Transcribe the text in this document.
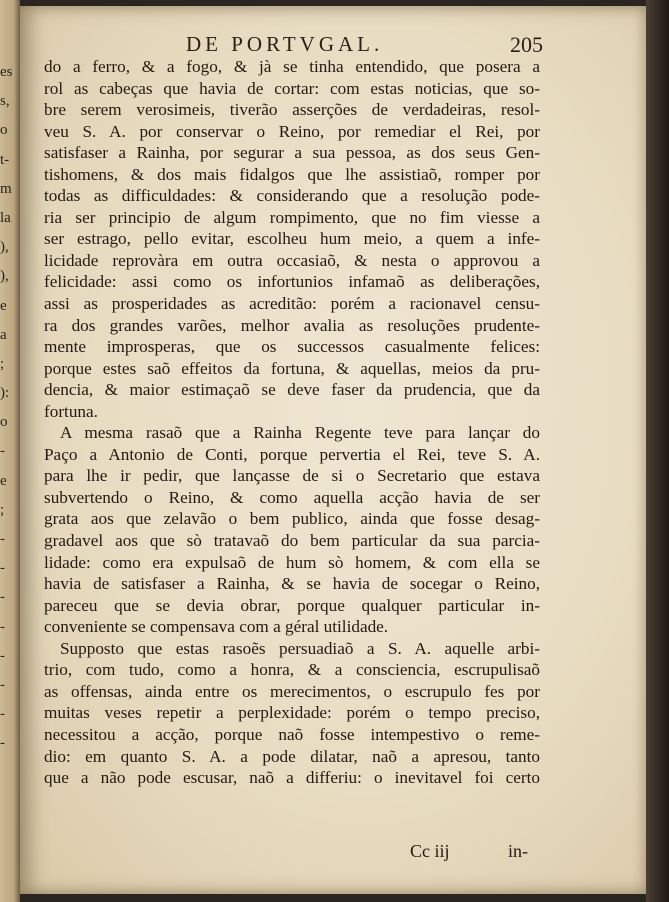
es
s,
o
t-
m
la
),
),
e
a
;
):
o
-
e
;
-
-
-
-
-
-
-
-
DE PORTVGAL.	205
do a ferro, & a fogo, & jà se tinha entendido, que posera a
rol as cabeças que havia de cortar: com estas noticias, que so-
bre serem verosimeis, tiverão asserções de verdadeiras, resol-
veu S. A. por conservar o Reino, por remediar el Rei, por
satisfaser a Rainha, por segurar a sua pessoa, as dos seus Gen-
tishomens, & dos mais fidalgos que lhe assistiaõ, romper por
todas as difficuldades: & considerando que a resolução pode-
ria ser principio de algum rompimento, que no fim viesse a
ser estrago, pello evitar, escolheu hum meio, a quem a infe-
licidade reprovàra em outra occasiaõ, & nesta o approvou a
felicidade: assi como os infortunios infamaõ as deliberações,
assi as prosperidades as acreditão: porém a racionavel censu-
ra dos grandes varões, melhor avalia as resoluções prudente-
mente improsperas, que os successos casualmente felices:
porque estes saõ effeitos da fortuna, & aquellas, meios da pru-
dencia, & maior estimaçaõ se deve faser da prudencia, que da
fortuna.
A mesma rasaõ que a Rainha Regente teve para lançar do
Paço a Antonio de Conti, porque pervertia el Rei, teve S. A.
para lhe ir pedir, que lançasse de si o Secretario que estava
subvertendo o Reino, & como aquella acção havia de ser
grata aos que zelavão o bem publico, ainda que fosse desag-
gradavel aos que sò tratavaõ do bem particular da sua parcia-
lidade: como era expulsaõ de hum sò homem, & com ella se
havia de satisfaser a Rainha, & se havia de socegar o Reino,
pareceu que se devia obrar, porque qualquer particular in-
conveniente se compensava com a géral utilidade.
Supposto que estas rasoẽs persuadiaõ a S. A. aquelle arbi-
trio, com tudo, como a honra, & a consciencia, escrupulisaõ
as offensas, ainda entre os merecimentos, o escrupulo fes por
muitas veses repetir a perplexidade: porém o tempo preciso,
necessitou a acção, porque naõ fosse intempestivo o reme-
dio: em quanto S. A. a pode dilatar, naõ a apresou, tanto
que a não pode escusar, naõ a differiu: o inevitavel foi certo
Cc iij	in-
